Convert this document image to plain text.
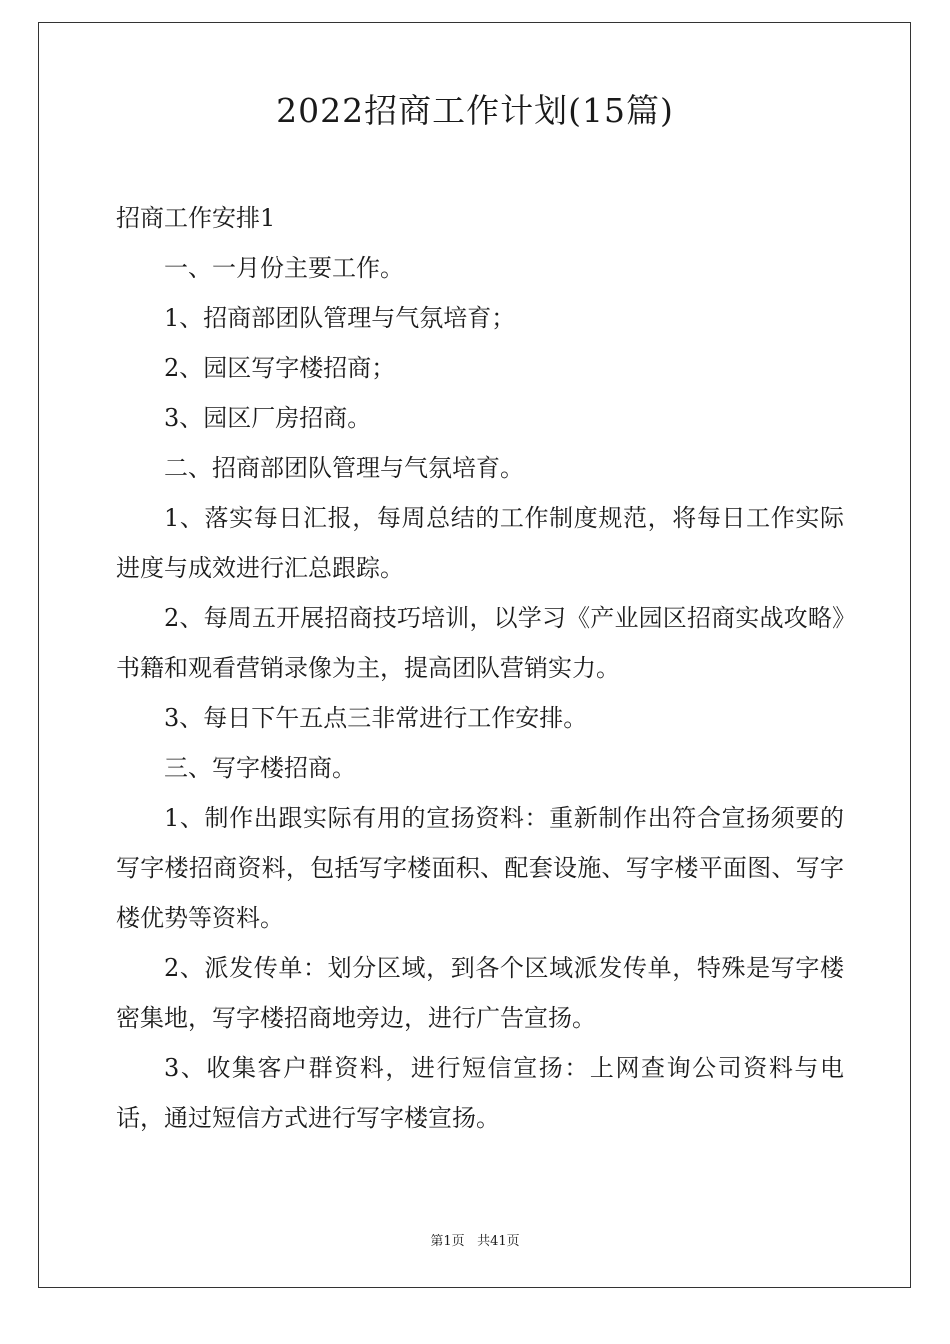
2022招商工作计划(15篇)

招商工作安排1

一、一月份主要工作。

1、招商部团队管理与气氛培育；

2、园区写字楼招商；

3、园区厂房招商。

二、招商部团队管理与气氛培育。

1、落实每日汇报，每周总结的工作制度规范，将每日工作实际进度与成效进行汇总跟踪。

2、每周五开展招商技巧培训，以学习《产业园区招商实战攻略》书籍和观看营销录像为主，提高团队营销实力。

3、每日下午五点三非常进行工作安排。

三、写字楼招商。

1、制作出跟实际有用的宣扬资料：重新制作出符合宣扬须要的写字楼招商资料，包括写字楼面积、配套设施、写字楼平面图、写字楼优势等资料。

2、派发传单：划分区域，到各个区域派发传单，特殊是写字楼密集地，写字楼招商地旁边，进行广告宣扬。

3、收集客户群资料，进行短信宣扬：上网查询公司资料与电话，通过短信方式进行写字楼宣扬。

第1页 共41页
